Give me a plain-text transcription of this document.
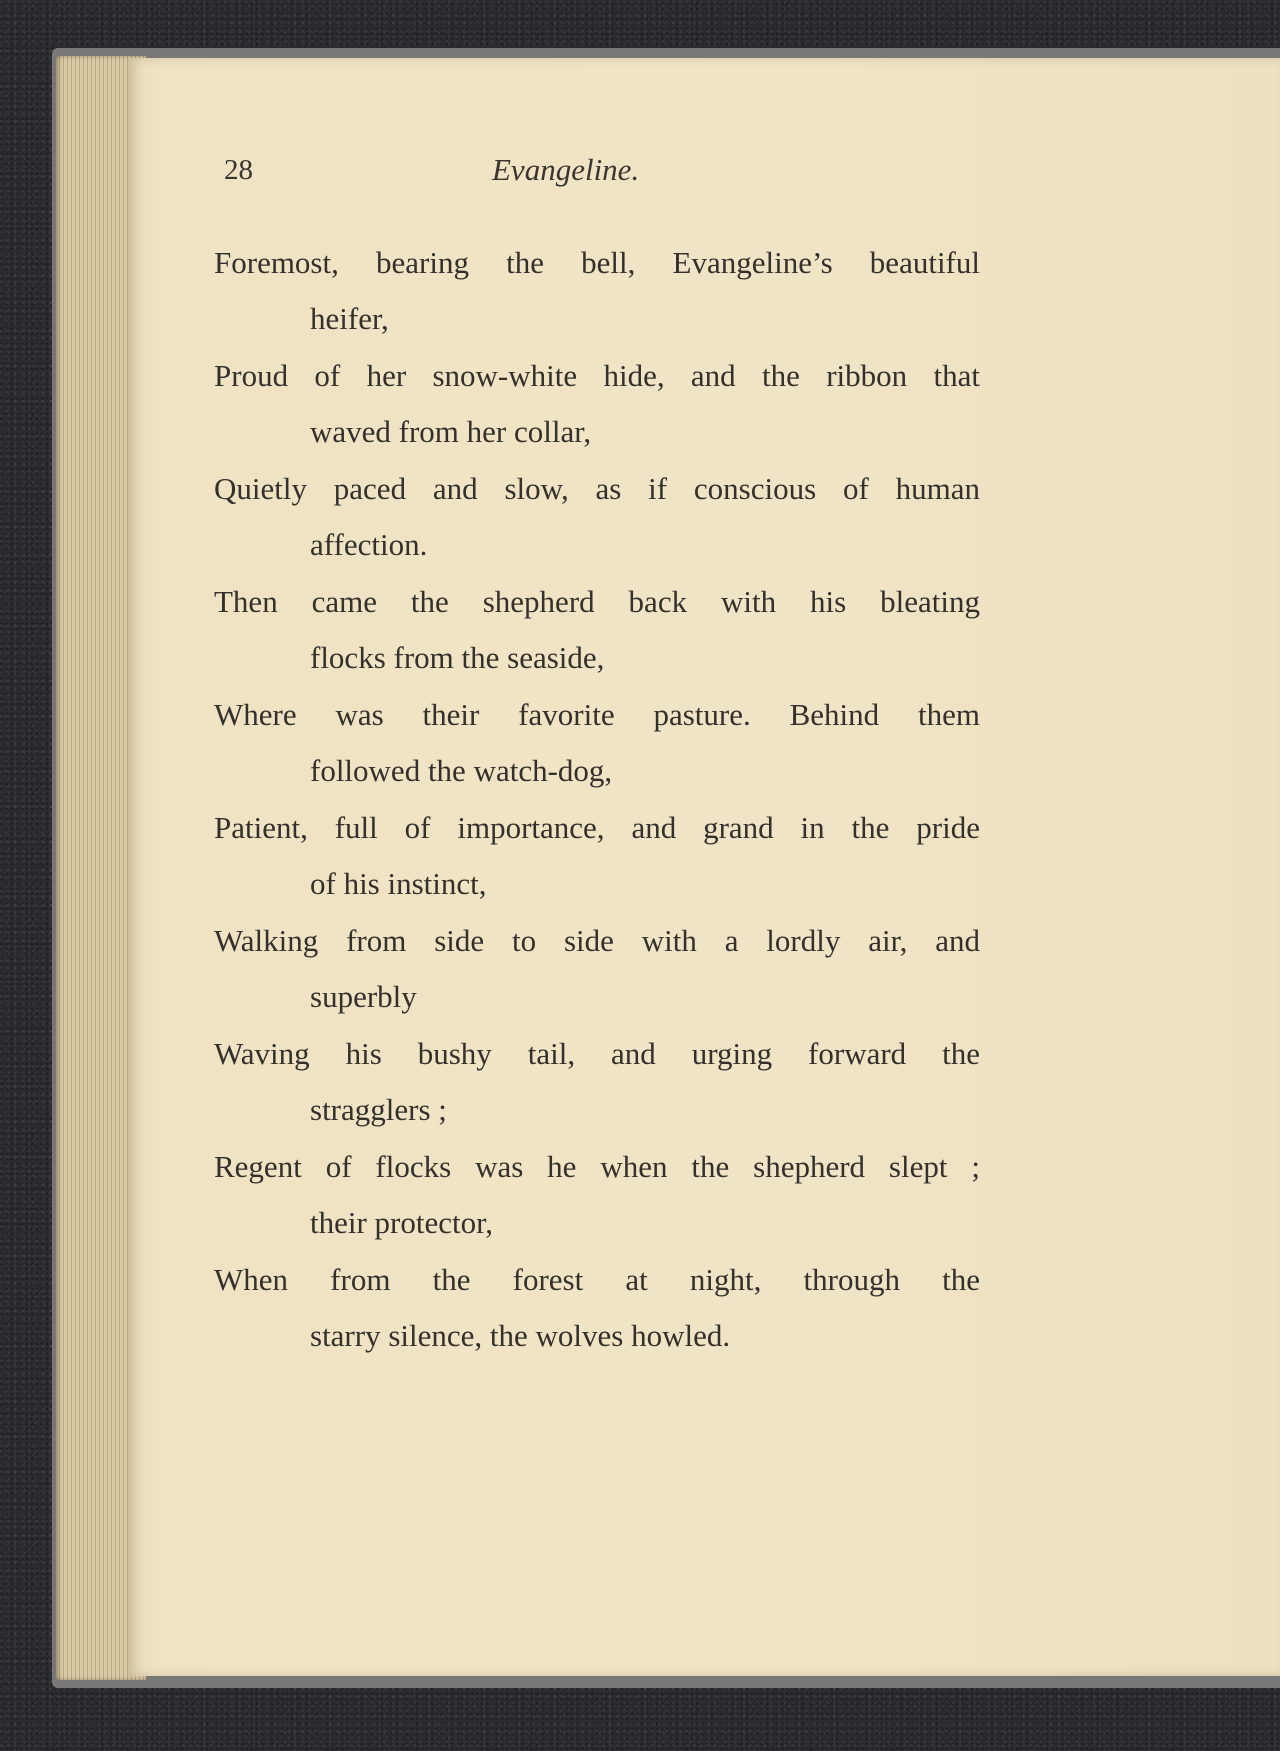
28	Evangeline.
Foremost, bearing the bell, Evangeline’s beautiful
heifer,
Proud of her snow-white hide, and the ribbon that
waved from her collar,
Quietly paced and slow, as if conscious of human
affection.
Then came the shepherd back with his bleating
flocks from the seaside,
Where was their favorite pasture. Behind them
followed the watch-dog,
Patient, full of importance, and grand in the pride
of his instinct,
Walking from side to side with a lordly air, and
superbly
Waving his bushy tail, and urging forward the
stragglers ;
Regent of flocks was he when the shepherd slept ;
their protector,
When from the forest at night, through the
starry silence, the wolves howled.
